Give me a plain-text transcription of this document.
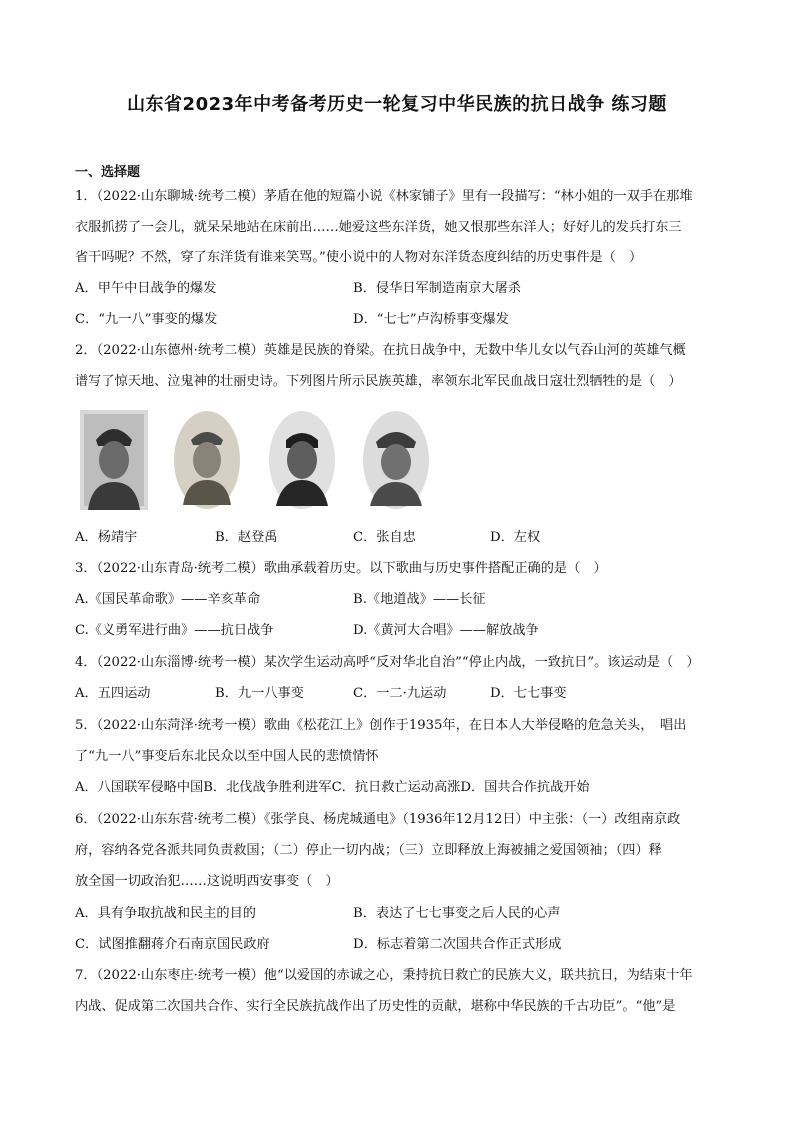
山东省2023年中考备考历史一轮复习中华民族的抗日战争 练习题
一、选择题
1．（2022·山东聊城·统考二模）茅盾在他的短篇小说《林家铺子》里有一段描写：“林小姐的一双手在那堆
衣服抓捞了一会儿，就呆呆地站在床前出……她爱这些东洋货，她又恨那些东洋人；好好儿的发兵打东三
省干吗呢？不然，穿了东洋货有谁来笑骂。”使小说中的人物对东洋货态度纠结的历史事件是（　）
A．甲午中日战争的爆发	B．侵华日军制造南京大屠杀
C．“九一八”事变的爆发	D．“七七”卢沟桥事变爆发
2．（2022·山东德州·统考二模）英雄是民族的脊梁。在抗日战争中，无数中华儿女以气吞山河的英雄气概
谱写了惊天地、泣鬼神的壮丽史诗。下列图片所示民族英雄，率领东北军民血战日寇壮烈牺牲的是（　）
A．杨靖宇	B．赵登禹	C．张自忠	D．左权
3．（2022·山东青岛·统考二模）歌曲承载着历史。以下歌曲与历史事件搭配正确的是（　）
A.《国民革命歌》——辛亥革命	B.《地道战》——长征
C.《义勇军进行曲》——抗日战争	D.《黄河大合唱》——解放战争
4．（2022·山东淄博·统考一模）某次学生运动高呼“反对华北自治”“停止内战，一致抗日”。该运动是（　）
A．五四运动	B．九一八事变	C．一二·九运动	D．七七事变
5．（2022·山东菏泽·统考一模）歌曲《松花江上》创作于1935年，在日本人大举侵略的危急关头，　唱出
了“九一八”事变后东北民众以至中国人民的悲愤情怀
A．八国联军侵略中国B．北伐战争胜利进军C．抗日救亡运动高涨D．国共合作抗战开始
6．（2022·山东东营·统考二模）《张学良、杨虎城通电》（1936年12月12日）中主张：（一）改组南京政
府，容纳各党各派共同负责救国；（二）停止一切内战；（三）立即释放上海被捕之爱国领袖；（四）释
放全国一切政治犯……这说明西安事变（　）
A．具有争取抗战和民主的目的	B．表达了七七事变之后人民的心声
C．试图推翻蒋介石南京国民政府	D．标志着第二次国共合作正式形成
7．（2022·山东枣庄·统考一模）他“以爱国的赤诚之心，秉持抗日救亡的民族大义，联共抗日，为结束十年
内战、促成第二次国共合作、实行全民族抗战作出了历史性的贡献，堪称中华民族的千古功臣”。“他”是
